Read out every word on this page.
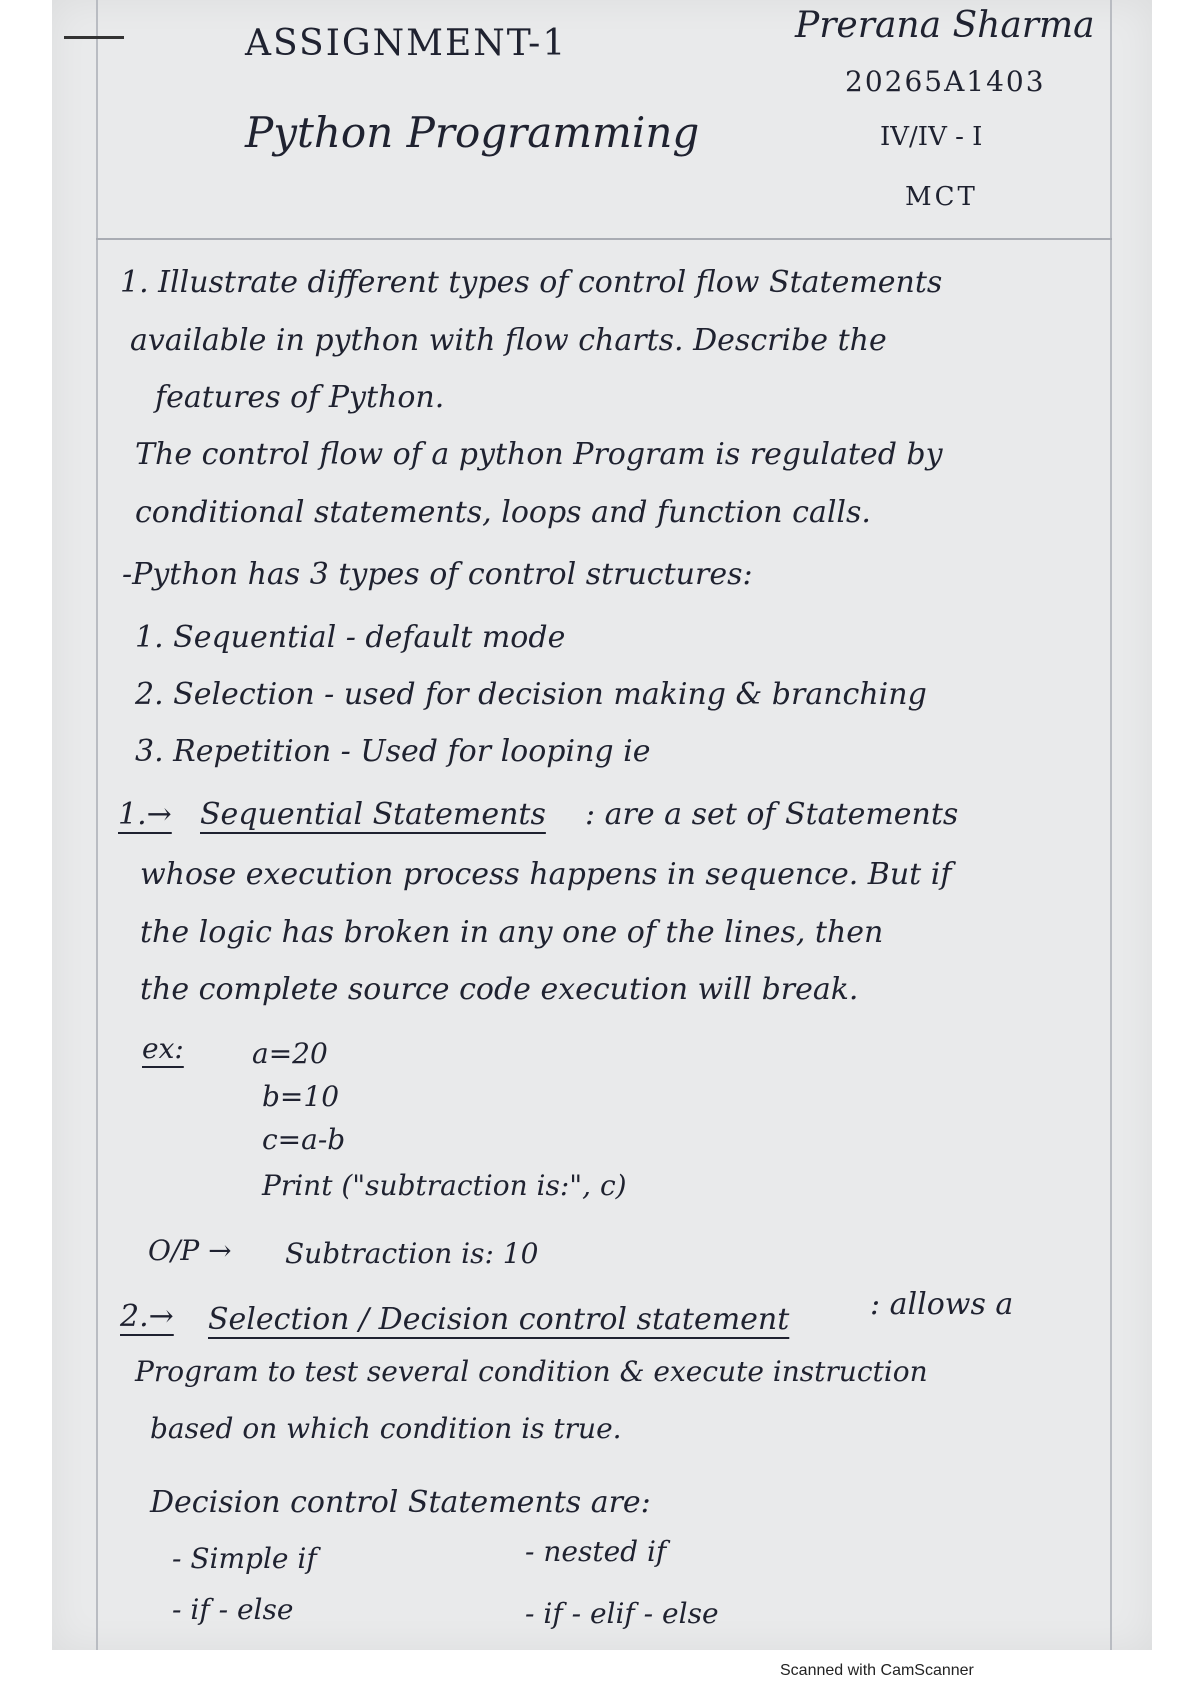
ASSIGNMENT-1
Python Programming
Prerana Sharma
20265A1403
IV/IV - I
MCT
1. Illustrate different types of control flow Statements
available in python with flow charts. Describe the
features of Python.
The control flow of a python Program is regulated by
conditional statements, loops and function calls.
-Python has 3 types of control structures:
1. Sequential - default mode
2. Selection - used for decision making & branching
3. Repetition - Used for looping ie
1.→ Sequential Statements : are a set of Statements
whose execution process happens in sequence. But if
the logic has broken in any one of the lines, then
the complete source code execution will break.
ex: a=20
b=10
c=a-b
Print ("subtraction is:", c)
O/P → Subtraction is: 10
2.→ Selection / Decision control statement	: allows a
Program to test several condition & execute instruction
based on which condition is true.
Decision control Statements are:
- Simple if	- nested if
- if - else	- if - elif - else
Scanned with CamScanner
